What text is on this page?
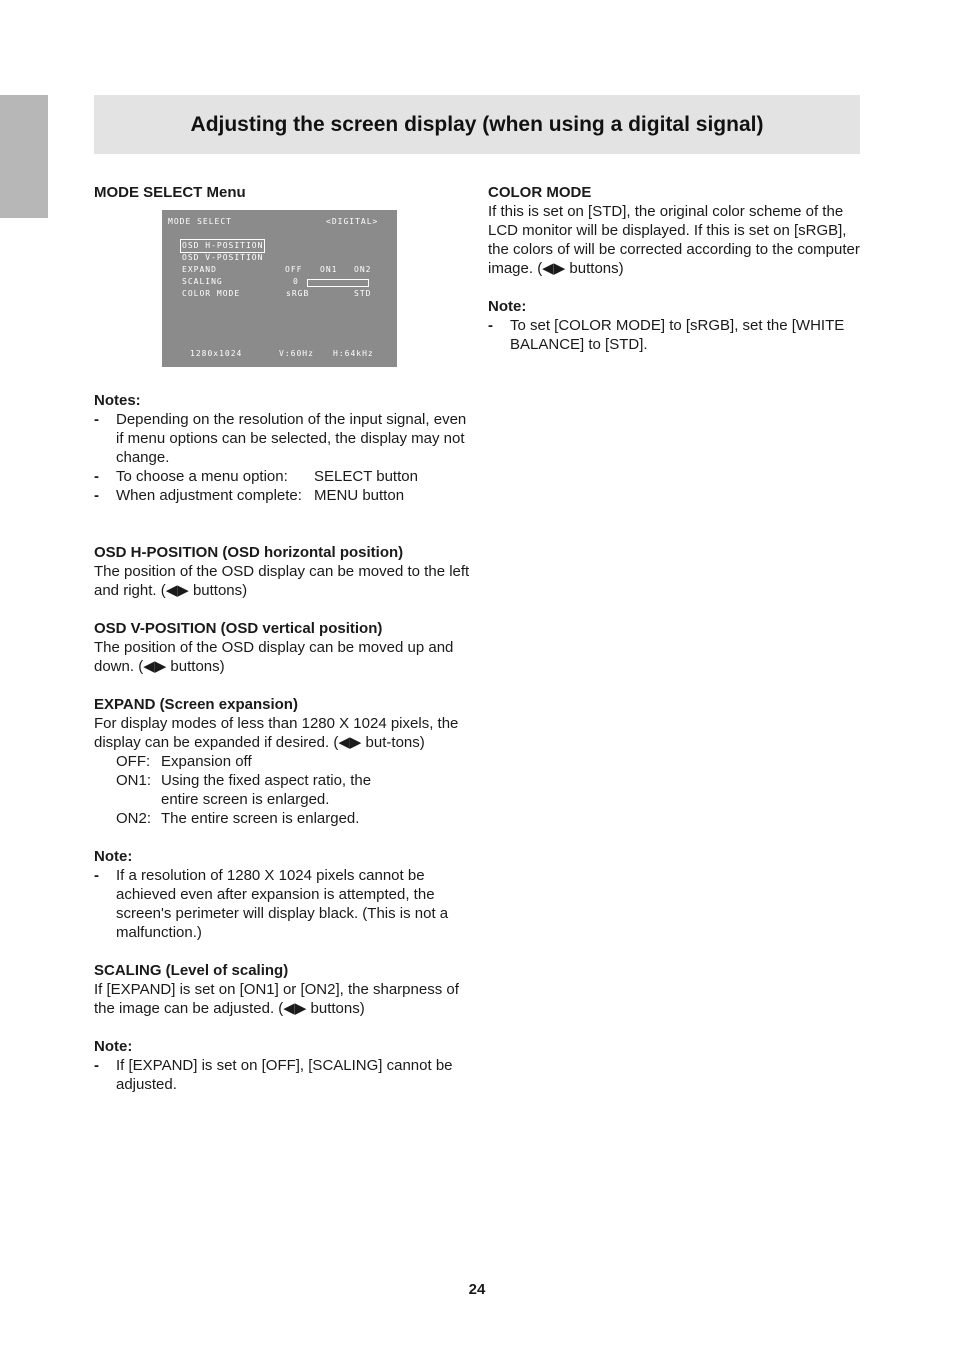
Adjusting the screen display (when using a digital signal)

MODE SELECT Menu

MODE SELECT	<DIGITAL>
OSD H-POSITION
OSD V-POSITION
EXPAND
SCALING
COLOR MODE
OFF ON1 ON2
0
sRGB	STD
1280x1024	V:60Hz H:64kHz

Notes:

- Depending on the resolution of the input signal, even if menu options can be selected, the display may not change.
- To choose a menu option: SELECT button
- When adjustment complete: MENU button

OSD H-POSITION (OSD horizontal position)

The position of the OSD display can be moved to the left and right. (◀▶ buttons)

OSD V-POSITION (OSD vertical position)

The position of the OSD display can be moved up and down. (◀▶ buttons)

EXPAND (Screen expansion)

For display modes of less than 1280 X 1024 pixels, the display can be expanded if desired. (◀▶ but-tons)

OFF: Expansion off
ON1: Using the fixed aspect ratio, the entire screen is enlarged.
ON2: The entire screen is enlarged.

Note:

- If a resolution of 1280 X 1024 pixels cannot be achieved even after expansion is attempted, the screen's perimeter will display black. (This is not a malfunction.)

SCALING (Level of scaling)

If [EXPAND] is set on [ON1] or [ON2], the sharpness of the image can be adjusted. (◀▶ buttons)

Note:

- If [EXPAND] is set on [OFF], [SCALING] cannot be adjusted.

COLOR MODE

If this is set on [STD], the original color scheme of the LCD monitor will be displayed. If this is set on [sRGB], the colors of will be corrected according to the computer image. (◀▶ buttons)

Note:

- To set [COLOR MODE] to [sRGB], set the [WHITE BALANCE] to [STD].
24
